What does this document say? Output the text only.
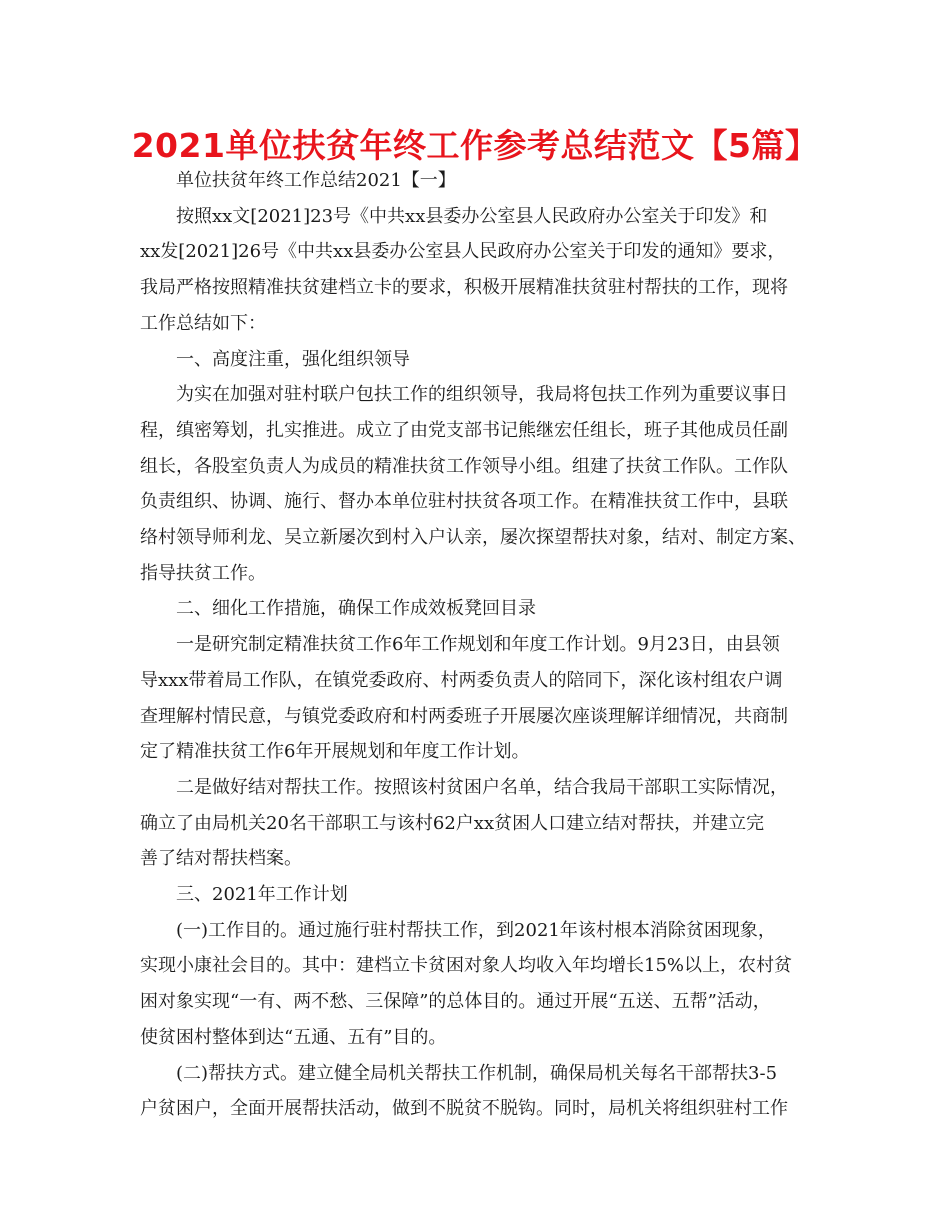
2021单位扶贫年终工作参考总结范文【5篇】

单位扶贫年终工作总结2021【一】

按照xx文[2021]23号《中共xx县委办公室县人民政府办公室关于印发》和
xx发[2021]26号《中共xx县委办公室县人民政府办公室关于印发的通知》要求，
我局严格按照精准扶贫建档立卡的要求，积极开展精准扶贫驻村帮扶的工作，现将
工作总结如下：

一、高度注重，强化组织领导

为实在加强对驻村联户包扶工作的组织领导，我局将包扶工作列为重要议事日
程，缜密筹划，扎实推进。成立了由党支部书记熊继宏任组长，班子其他成员任副
组长，各股室负责人为成员的精准扶贫工作领导小组。组建了扶贫工作队。工作队
负责组织、协调、施行、督办本单位驻村扶贫各项工作。在精准扶贫工作中，县联
络村领导师利龙、吴立新屡次到村入户认亲，屡次探望帮扶对象，结对、制定方案、
指导扶贫工作。

二、细化工作措施，确保工作成效板凳回目录

一是研究制定精准扶贫工作6年工作规划和年度工作计划。9月23日，由县领
导xxx带着局工作队，在镇党委政府、村两委负责人的陪同下，深化该村组农户调
查理解村情民意，与镇党委政府和村两委班子开展屡次座谈理解详细情况，共商制
定了精准扶贫工作6年开展规划和年度工作计划。

二是做好结对帮扶工作。按照该村贫困户名单，结合我局干部职工实际情况，
确立了由局机关20名干部职工与该村62户xx贫困人口建立结对帮扶，并建立完
善了结对帮扶档案。

三、2021年工作计划

(一)工作目的。通过施行驻村帮扶工作，到2021年该村根本消除贫困现象，
实现小康社会目的。其中：建档立卡贫困对象人均收入年均增长15%以上，农村贫
困对象实现“一有、两不愁、三保障”的总体目的。通过开展“五送、五帮”活动，
使贫困村整体到达“五通、五有”目的。

(二)帮扶方式。建立健全局机关帮扶工作机制，确保局机关每名干部帮扶3-5
户贫困户，全面开展帮扶活动，做到不脱贫不脱钩。同时，局机关将组织驻村工作
